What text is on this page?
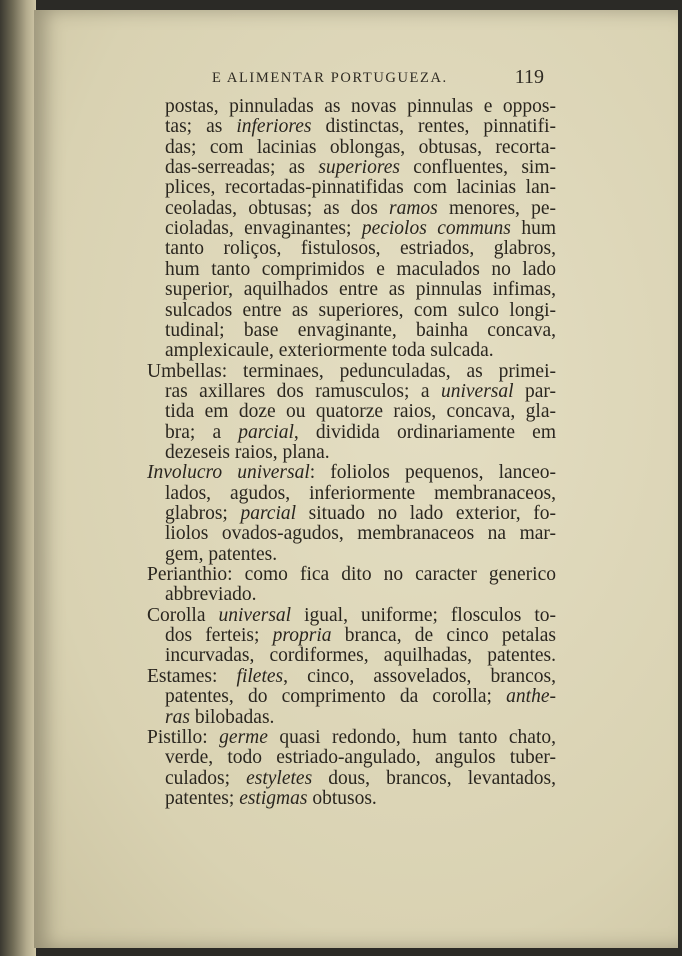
E ALIMENTAR PORTUGUEZA.	119
postas, pinnuladas as novas pinnulas e oppos-
tas; as inferiores distinctas, rentes, pinnatifi-
das; com lacinias oblongas, obtusas, recorta-
das-serreadas; as superiores confluentes, sim-
plices, recortadas-pinnatifidas com lacinias lan-
ceoladas, obtusas; as dos ramos menores, pe-
cioladas, envaginantes; peciolos communs hum
tanto roliços, fistulosos, estriados, glabros,
hum tanto comprimidos e maculados no lado
superior, aquilhados entre as pinnulas infimas,
sulcados entre as superiores, com sulco longi-
tudinal; base envaginante, bainha concava,
amplexicaule, exteriormente toda sulcada.
Umbellas: terminaes, pedunculadas, as primei-
ras axillares dos ramusculos; a universal par-
tida em doze ou quatorze raios, concava, gla-
bra; a parcial, dividida ordinariamente em
dezeseis raios, plana.
Involucro universal: foliolos pequenos, lanceo-
lados, agudos, inferiormente membranaceos,
glabros; parcial situado no lado exterior, fo-
liolos ovados-agudos, membranaceos na mar-
gem, patentes.
Perianthio: como fica dito no caracter generico
abbreviado.
Corolla universal igual, uniforme; flosculos to-
dos ferteis; propria branca, de cinco petalas
incurvadas, cordiformes, aquilhadas, patentes.
Estames: filetes, cinco, assovelados, brancos,
patentes, do comprimento da corolla; anthe-
ras bilobadas.
Pistillo: germe quasi redondo, hum tanto chato,
verde, todo estriado-angulado, angulos tuber-
culados; estyletes dous, brancos, levantados,
patentes; estigmas obtusos.
